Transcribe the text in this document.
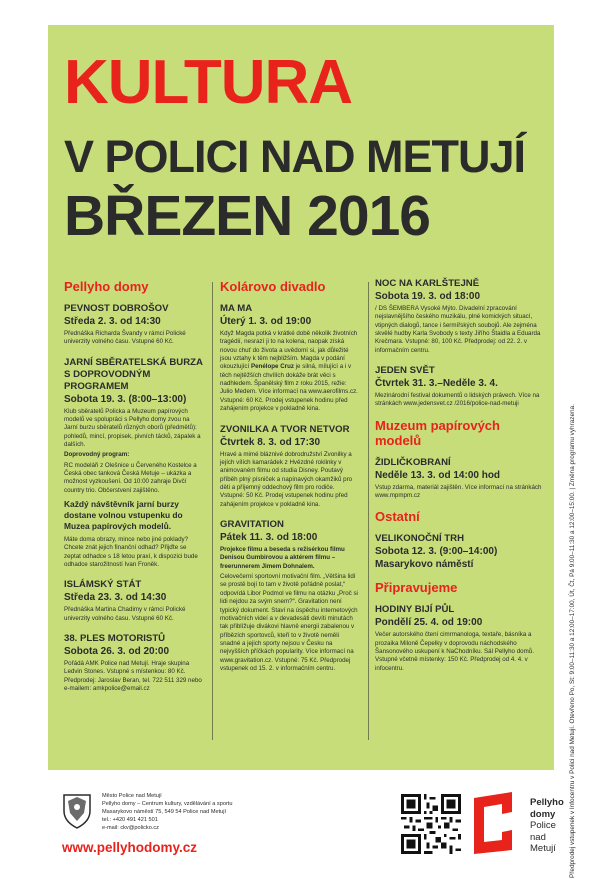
KULTURA
V POLICI NAD METUJÍ
BŘEZEN 2016
Pellyho domy
PEVNOST DOBROŠOV
Středa 2. 3. od 14:30
Přednáška Richarda Švandy v rámci Polické univerzity volného času. Vstupné 60 Kč.
JARNÍ SBĚRATELSKÁ BURZA S DOPROVODNÝM PROGRAMEM
Sobota 19. 3. (8:00–13:00)
Klub sběratelů Policka a Muzeum papírových modelů ve spolupráci s Pellyho domy zvou na Jarní burzu sběratelů různých oborů (předmětů): pohledů, mincí, propisek, pivních tácků, zápalek a dalších.
Doprovodný program:
RC modeláři z Olešnice u Červeného Kostelce a Česká obec tanková Česká Metuje – ukázka a možnost vyzkoušení. Od 10:00 zahraje Divčí country trio. Občerstvení zajištěno.
Každý návštěvník jarní burzy dostane volnou vstupenku do Muzea papírových modelů.
Máte doma obrazy, mince nebo jiné poklady? Chcete znát jejich finanční odhad? Přijďte se zeptat odhadce s 18 letou praxí, k dispozici bude odhadce starožitností Ivan Froněk.
ISLÁMSKÝ STÁT
Středa 23. 3. od 14:30
Přednáška Martina Chadimy v rámci Polické univerzity volného času. Vstupné 60 Kč.
38. PLES MOTORISTŮ
Sobota 26. 3. od 20:00
Pořádá AMK Police nad Metují. Hraje skupina Ledvin Stones. Vstupné s místenkou: 80 Kč. Předprodej: Jaroslav Beran, tel. 722 511 329 nebo e-mailem: amkpolice@email.cz
Kolárovo divadlo
MA MA
Úterý 1. 3. od 19:00
Když Magda potká v krátké době několik životních tragédií, nesrazí ji to na kolena, naopak získá novou chuť do života a uvědomí si, jak důležité jsou vztahy k těm nejbližším. Magda v podání okouzlující Penélope Cruz je silná, mílující a i v těch nejtěžších chvílích dokáže brát věci s nadhledem. Španělský film z roku 2015, režie: Julio Medem. Více informací na www.aerofilms.cz. Vstupné: 60 Kč. Prodej vstupenek hodinu před zahájením projekce v pokladně kina.
ZVONILKA A TVOR NETVOR
Čtvrtek 8. 3. od 17:30
Hravé a mimé bláznivé dobrodružství Zvonilky a jejích vílích kamarádek z Hvězdné roklinky v animovaném filmu od studia Disney. Poutavý příběh plný písniček a napínavých okamžiků pro děti a příjemný oddechový film pro rodiče. Vstupné: 50 Kč. Prodej vstupenek hodinu před zahájením projekce v pokladně kina.
GRAVITATION
Pátek 11. 3. od 18:00
Projekce filmu a beseda s režisérkou filmu Denisou Gumbirovou a aktérem filmu – freerunnerem Jimem Dohnalem.
Celovečerní sportovní motivační film. „Většina lidí se prostě bojí to tam v životě pořádně poslat,“ odpovídá Libor Podmol ve filmu na otázku „Proč si lidi nejdou za svým snem?“. Gravitation není typický dokument. Staví na úspěchu internetových motivačních videí a v devadesáti devíti minutách tak přiblížuje divákovi hlavně energii zabalenou v příbězích sportovců, kteří to v životě neměli snadné a jejich sporty nejsou v Česku na nejvyšších příčkách popularity. Více informací na www.gravitation.cz. Vstupné: 75 Kč. Předprodej vstupenek od 15. 2. v informačním centru.
NOC NA KARLŠTEJNĚ
Sobota 19. 3. od 18:00
/ DS ŠEMBERA Vysoké Mýto. Divadelní zpracování nejslavnějšího českého muzikálu, plné komických situací, vtipných dialogů, tance i šermířských soubojů. Ale zejména skvělé hudby Karla Svobody s texty Jiřího Štaidla a Eduarda Krečmara. Vstupné: 80, 100 Kč. Předprodej: od 22. 2. v informačním centru.
JEDEN SVĚT
Čtvrtek 31. 3.–Neděle 3. 4.
Mezinárodní festival dokumentů o lidských právech. Více na stránkách www.jedensvet.cz /2016/police-nad-metuji
Muzeum papírových modelů
ŽIDLIČKOBRANÍ
Neděle 13. 3. od 14:00 hod
Vstup zdarma, materiál zajištěn. Více informací na stránkách www.mpmpm.cz
Ostatní
VELIKONOČNÍ TRH
Sobota 12. 3. (9:00–14:00)
Masarykovo náměstí
Připravujeme
HODINY BIJÍ PŮL
Pondělí 25. 4. od 19:00
Večer autorského čtení cimrmanologa, textaře, básníka a prozaika Miloně Čepelky v doprovodu náchodského Šansonového uskupení k NaChodníku. Sál Pellyho domů. Vstupné včetně místenky: 150 Kč. Předprodej od 4. 4. v infocentru.	Předprodej vstupenek v Infocentru v Polici nad Metují. Otevřeno Po, St: 9:00–11:30 a 12:00–17:00, Út, Čt, Pá 9:00–11:30 a 12:00–15:00. | Změna programu vyhrazena.
Město Police nad Metují
Pellyho domy – Centrum kultury, vzdělávání a sportu
Masarykovo náměstí 75, 549 54 Police nad Metují
tel.: +420 491 421 501
e-mail: ckv@policko.cz
www.pellyhodomy.cz
Pellyho
domy
Police
nad
Metují
